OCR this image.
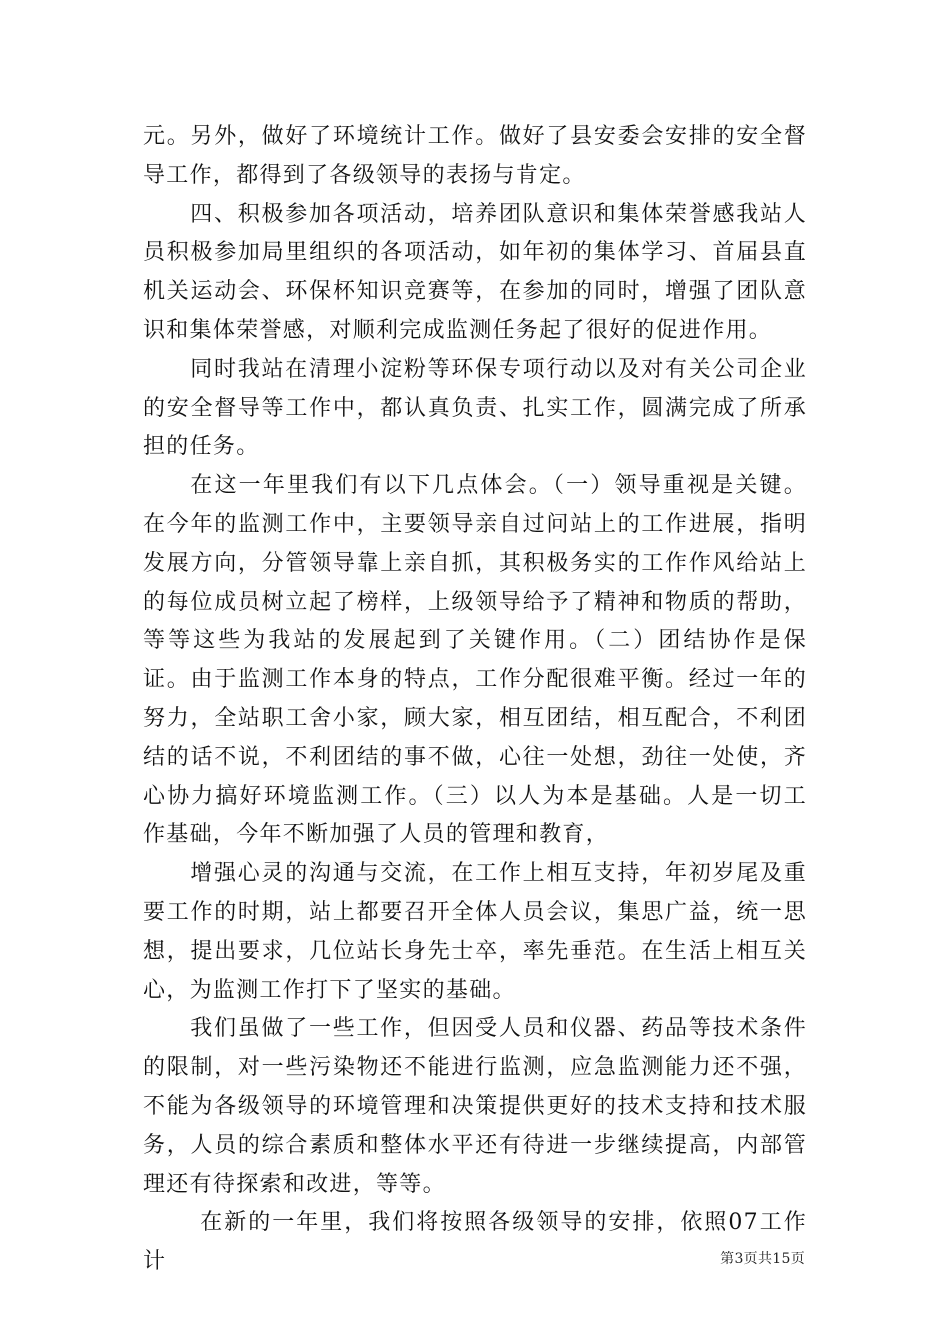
元。另外，做好了环境统计工作。做好了县安委会安排的安全督导工作，都得到了各级领导的表扬与肯定。

四、积极参加各项活动，培养团队意识和集体荣誉感我站人员积极参加局里组织的各项活动，如年初的集体学习、首届县直机关运动会、环保杯知识竞赛等，在参加的同时，增强了团队意识和集体荣誉感，对顺利完成监测任务起了很好的促进作用。

同时我站在清理小淀粉等环保专项行动以及对有关公司企业的安全督导等工作中，都认真负责、扎实工作，圆满完成了所承担的任务。

在这一年里我们有以下几点体会。（一）领导重视是关键。在今年的监测工作中，主要领导亲自过问站上的工作进展，指明发展方向，分管领导靠上亲自抓，其积极务实的工作作风给站上的每位成员树立起了榜样，上级领导给予了精神和物质的帮助，等等这些为我站的发展起到了关键作用。（二）团结协作是保证。由于监测工作本身的特点，工作分配很难平衡。经过一年的努力，全站职工舍小家，顾大家，相互团结，相互配合，不利团结的话不说，不利团结的事不做，心往一处想，劲往一处使，齐心协力搞好环境监测工作。（三）以人为本是基础。人是一切工作基础，今年不断加强了人员的管理和教育，

增强心灵的沟通与交流，在工作上相互支持，年初岁尾及重要工作的时期，站上都要召开全体人员会议，集思广益，统一思想，提出要求，几位站长身先士卒，率先垂范。在生活上相互关心，为监测工作打下了坚实的基础。

我们虽做了一些工作，但因受人员和仪器、药品等技术条件的限制，对一些污染物还不能进行监测，应急监测能力还不强，不能为各级领导的环境管理和决策提供更好的技术支持和技术服务，人员的综合素质和整体水平还有待进一步继续提高，内部管理还有待探索和改进，等等。

在新的一年里，我们将按照各级领导的安排，依照07工作计	第3页共15页
